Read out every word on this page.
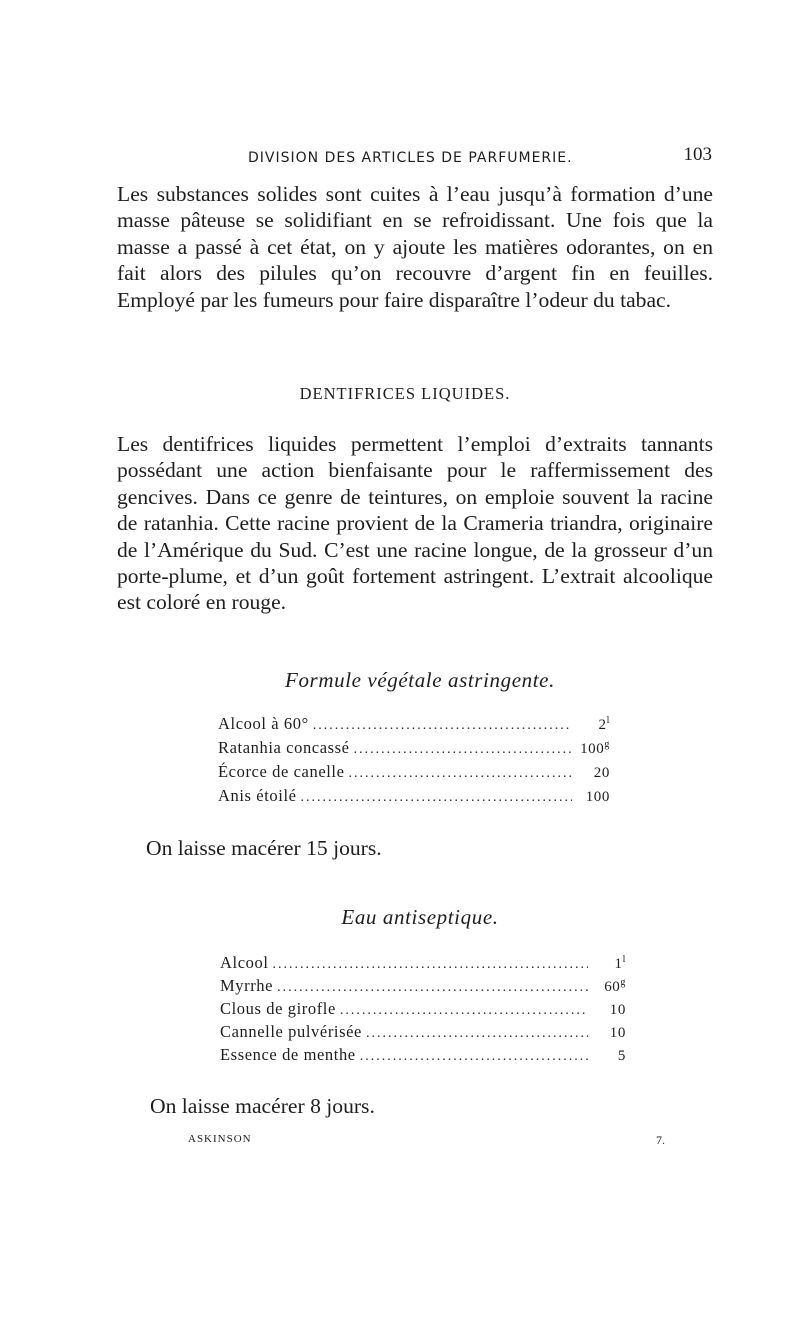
DIVISION DES ARTICLES DE PARFUMERIE.	103

Les substances solides sont cuites à l’eau jusqu’à formation d’une masse pâteuse se solidifiant en se refroidissant. Une fois que la masse a passé à cet état, on y ajoute les matières odorantes, on en fait alors des pilules qu’on recouvre d’argent fin en feuilles. Employé par les fumeurs pour faire disparaître l’odeur du tabac.

DENTIFRICES LIQUIDES.

Les dentifrices liquides permettent l’emploi d’extraits tannants possédant une action bienfaisante pour le raffermissement des gencives. Dans ce genre de teintures, on emploie souvent la racine de ratanhia. Cette racine provient de la Crameria triandra, originaire de l’Amérique du Sud. C’est une racine longue, de la grosseur d’un porte-plume, et d’un goût fortement astringent. L’extrait alcoolique est coloré en rouge.

Formule végétale astringente.
Alcool à 60° .....	2$^l$
Ratanhia concassé .....	100$^g$
Écorce de canelle .....	20
Anis étoilé .....	100

On laisse macérer 15 jours.

Eau antiseptique.
Alcool .....	1$^l$
Myrrhe .....	60$^g$
Clous de girofle .....	10
Cannelle pulvérisée .....	10
Essence de menthe .....	5

On laisse macérer 8 jours.

ASKINSON	7.
